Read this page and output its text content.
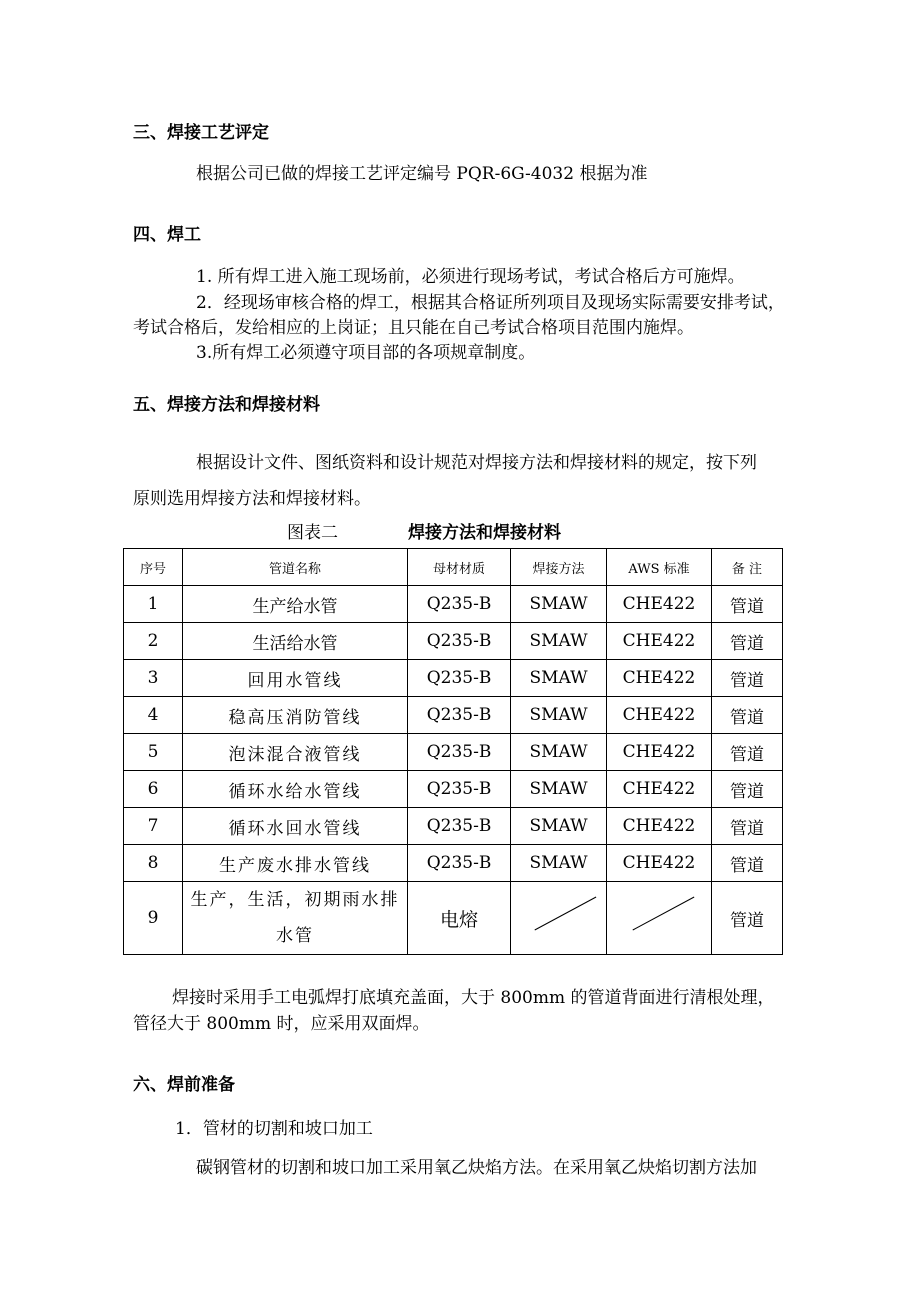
三、焊接工艺评定
根据公司已做的焊接工艺评定编号 PQR-6G-4032 根据为准
四、焊工
1. 所有焊工进入施工现场前，必须进行现场考试，考试合格后方可施焊。
2．经现场审核合格的焊工，根据其合格证所列项目及现场实际需要安排考试，
考试合格后，发给相应的上岗证；且只能在自己考试合格项目范围内施焊。
3.所有焊工必须遵守项目部的各项规章制度。
五、焊接方法和焊接材料
根据设计文件、图纸资料和设计规范对焊接方法和焊接材料的规定，按下列
原则选用焊接方法和焊接材料。
图表二	焊接方法和焊接材料
序号	管道名称	母材材质	焊接方法	AWS 标准	备 注
1	生产给水管	Q235-B	SMAW	CHE422	管道
2	生活给水管	Q235-B	SMAW	CHE422	管道
3	回用水管线	Q235-B	SMAW	CHE422	管道
4	稳高压消防管线	Q235-B	SMAW	CHE422	管道
5	泡沫混合液管线	Q235-B	SMAW	CHE422	管道
6	循环水给水管线	Q235-B	SMAW	CHE422	管道
7	循环水回水管线	Q235-B	SMAW	CHE422	管道
8	生产废水排水管线	Q235-B	SMAW	CHE422	管道
9	生产，生活，初期雨水排水管	电熔			管道
焊接时采用手工电弧焊打底填充盖面，大于 800mm 的管道背面进行清根处理，
管径大于 800mm 时，应采用双面焊。
六、焊前准备
1．管材的切割和坡口加工
碳钢管材的切割和坡口加工采用氧乙炔焰方法。在采用氧乙炔焰切割方法加
